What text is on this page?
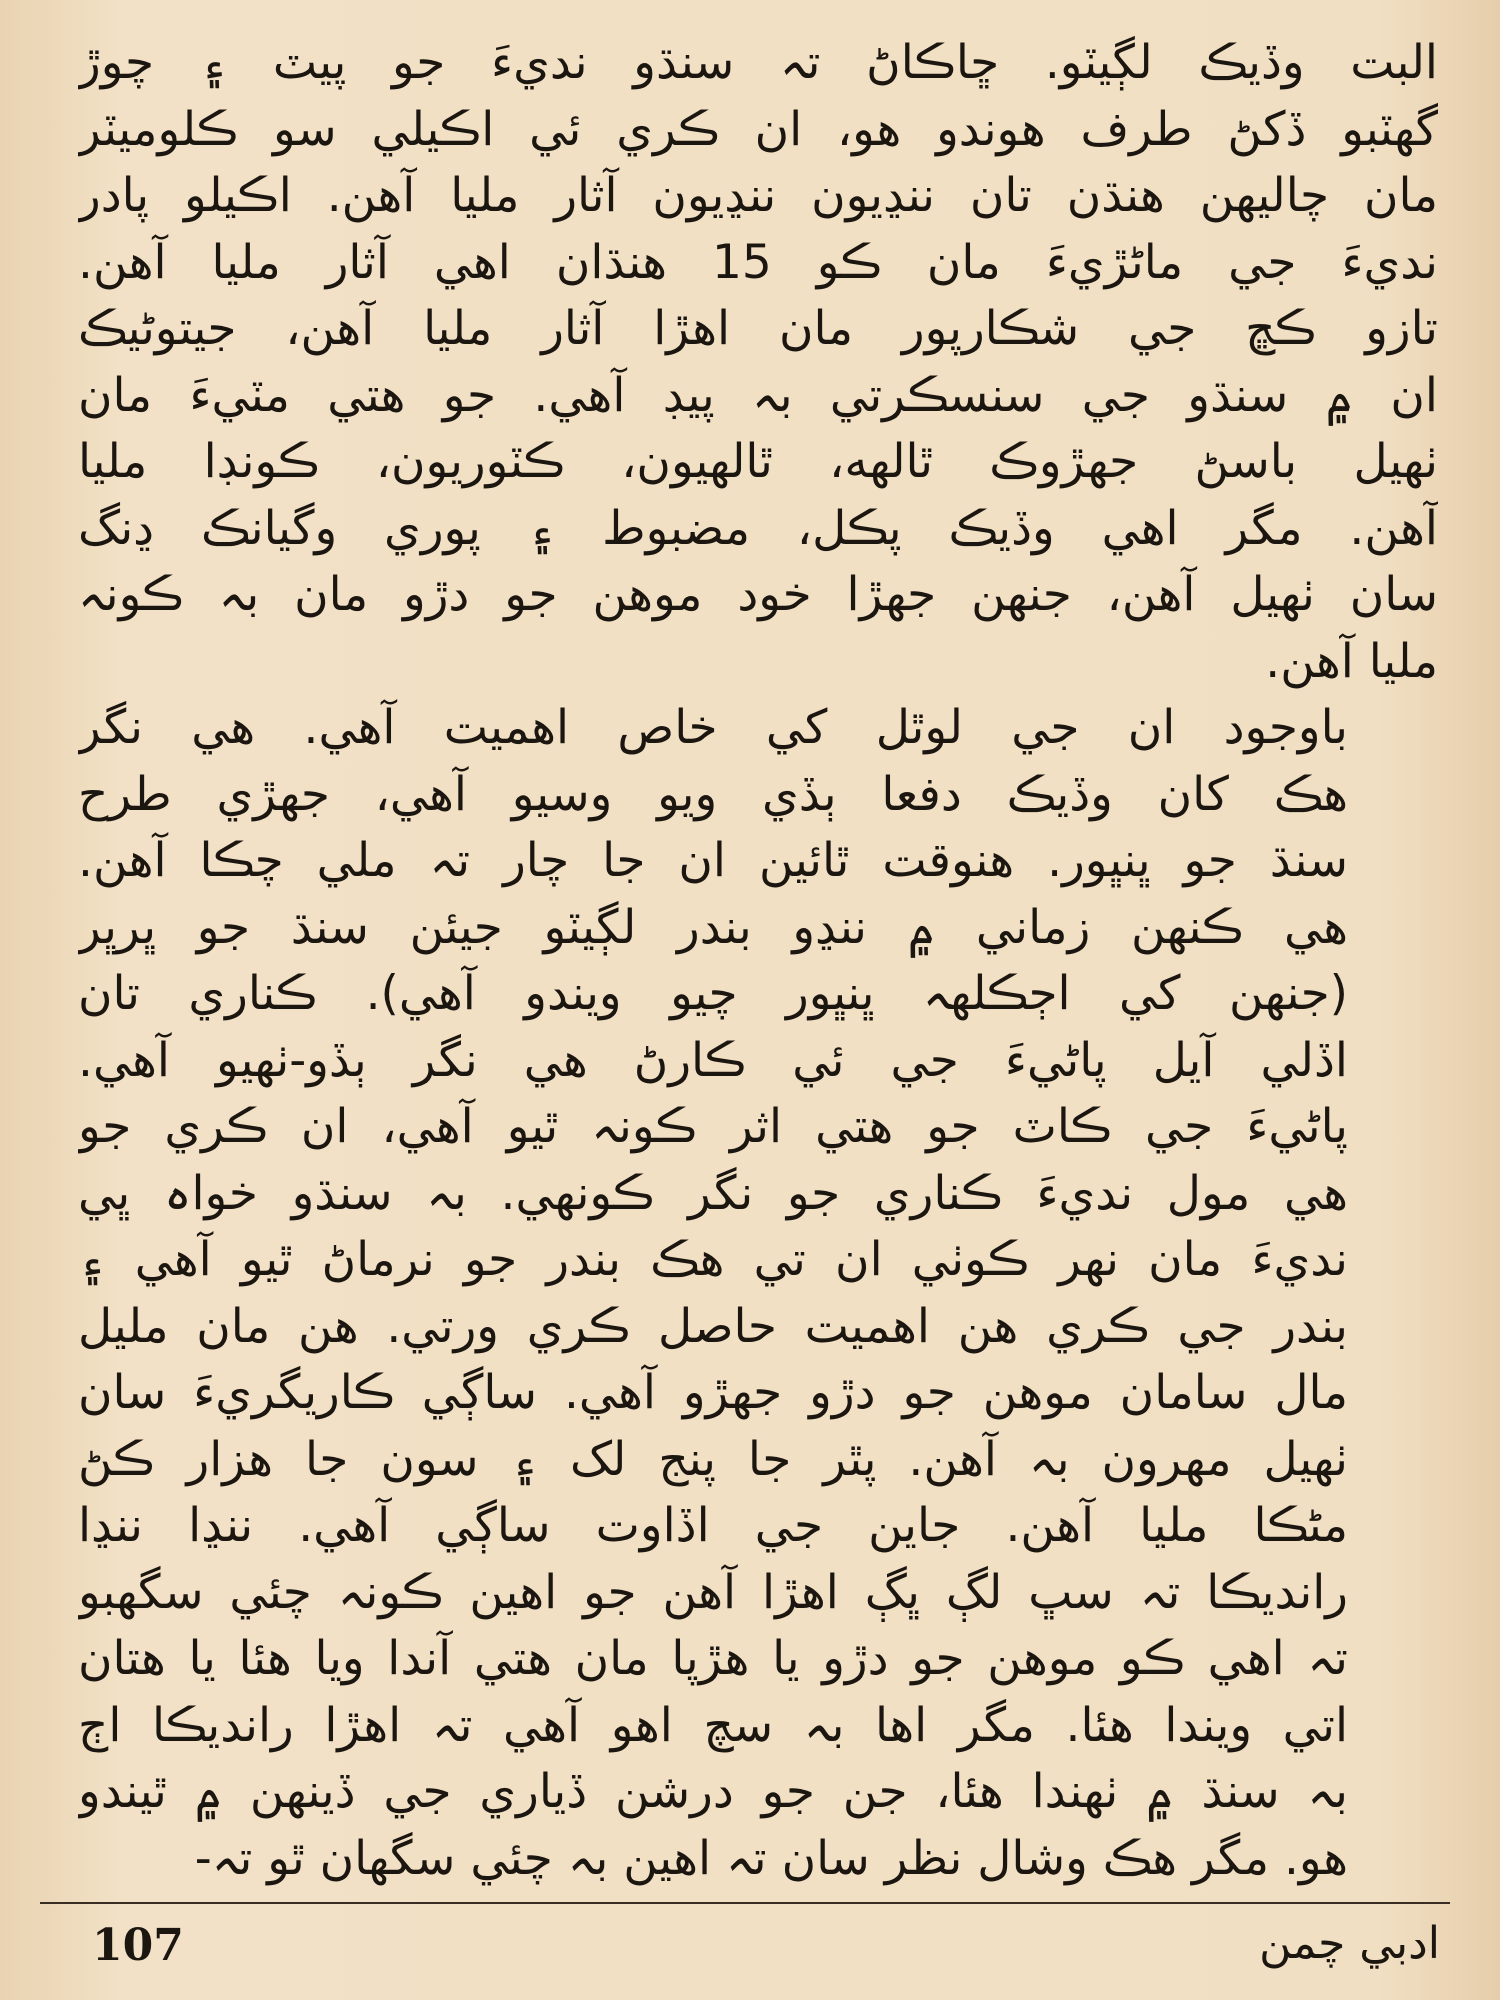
البت وڏيڪ لڳيٽو. ڇاڪاڻ تہ سنڌو نديءَ جو پيٽ ۽ چوڙ
گهٽبو ڏکڻ طرف هوندو هو، ان ڪري ئي اڪيلي سو ڪلوميٽر
مان چاليهن هنڌن تان ننڍيون ننڍيون آثار مليا آهن. اڪيلو پادر
نديءَ جي ماڻڙيءَ مان ڪو 15 هنڌان اهي آثار مليا آهن.
تازو ڪڇ جي شڪارپور مان اهڙا آثار مليا آهن، جيتوڻيڪ
ان ۾ سنڌو جي سنسڪرتي بہ پيڊ آهي. جو هتي مٽيءَ مان
ٺهيل باسڻ جهڙوڪ ٿالهه، ٿالهيون، ڪٽوريون، ڪونڊا مليا
آهن. مگر اهي وڏيڪ پڪل، مضبوط ۽ پوري وگيانڪ ڍنگ
سان ٺهيل آهن، جنهن جهڙا خود موهن جو دڙو مان بہ ڪونہ
مليا آهن.
باوجود ان جي لوٿل کي خاص اهميت آهي. هي نگر
هڪ کان وڏيڪ دفعا ٻڏي ويو وسيو آهي، جهڙي طرح
سنڌ جو ڀنڀور. هنوقت ٿائين ان جا چار تہ ملي چڪا آهن.
هي ڪنهن زماني ۾ ننڍو بندر لڳيٽو جيئن سنڌ جو ڀرڀر
(جنهن کي اڄڪلهہ ڀنڀور چيو ويندو آهي). ڪناري تان
اڏلي آيل پاڻيءَ جي ئي ڪارڻ هي نگر ٻڏو-ٺهيو آهي.
پاڻيءَ جي ڪاٽ جو هتي اثر ڪونہ ٿيو آهي، ان ڪري جو
هي مول نديءَ ڪناري جو نگر ڪونهي. بہ سنڌو خواہ ڀي
نديءَ مان نهر ڪوٺي ان تي هڪ بندر جو نرماڻ ٿيو آهي ۽
بندر جي ڪري هن اهميت حاصل ڪري ورتي. هن مان مليل
مال سامان موهن جو دڙو جهڙو آهي. ساڳي ڪاريگريءَ سان
ٺهيل مهرون بہ آهن. پٿر جا پنج لک ۽ سون جا هزار ڪڻ
مڻڪا مليا آهن. جاين جي اڏاوت ساڳي آهي. ننڍا ننڍا
رانديڪا تہ سڀ لڳ ڀڳ اهڙا آهن جو اهين ڪونہ چئي سگهبو
تہ اهي ڪو موهن جو دڙو يا هڙپا مان هتي آندا ويا هئا يا هتان
اتي ويندا هئا. مگر اها بہ سچ اهو آهي تہ اهڙا رانديڪا اڄ
بہ سنڌ ۾ ٺهندا هئا، جن جو درشن ڏياري جي ڏينهن ۾ ٿيندو
هو. مگر هڪ وشال نظر سان تہ اهين بہ چئي سگهان ٿو تہ-
107	ادبي چمن
